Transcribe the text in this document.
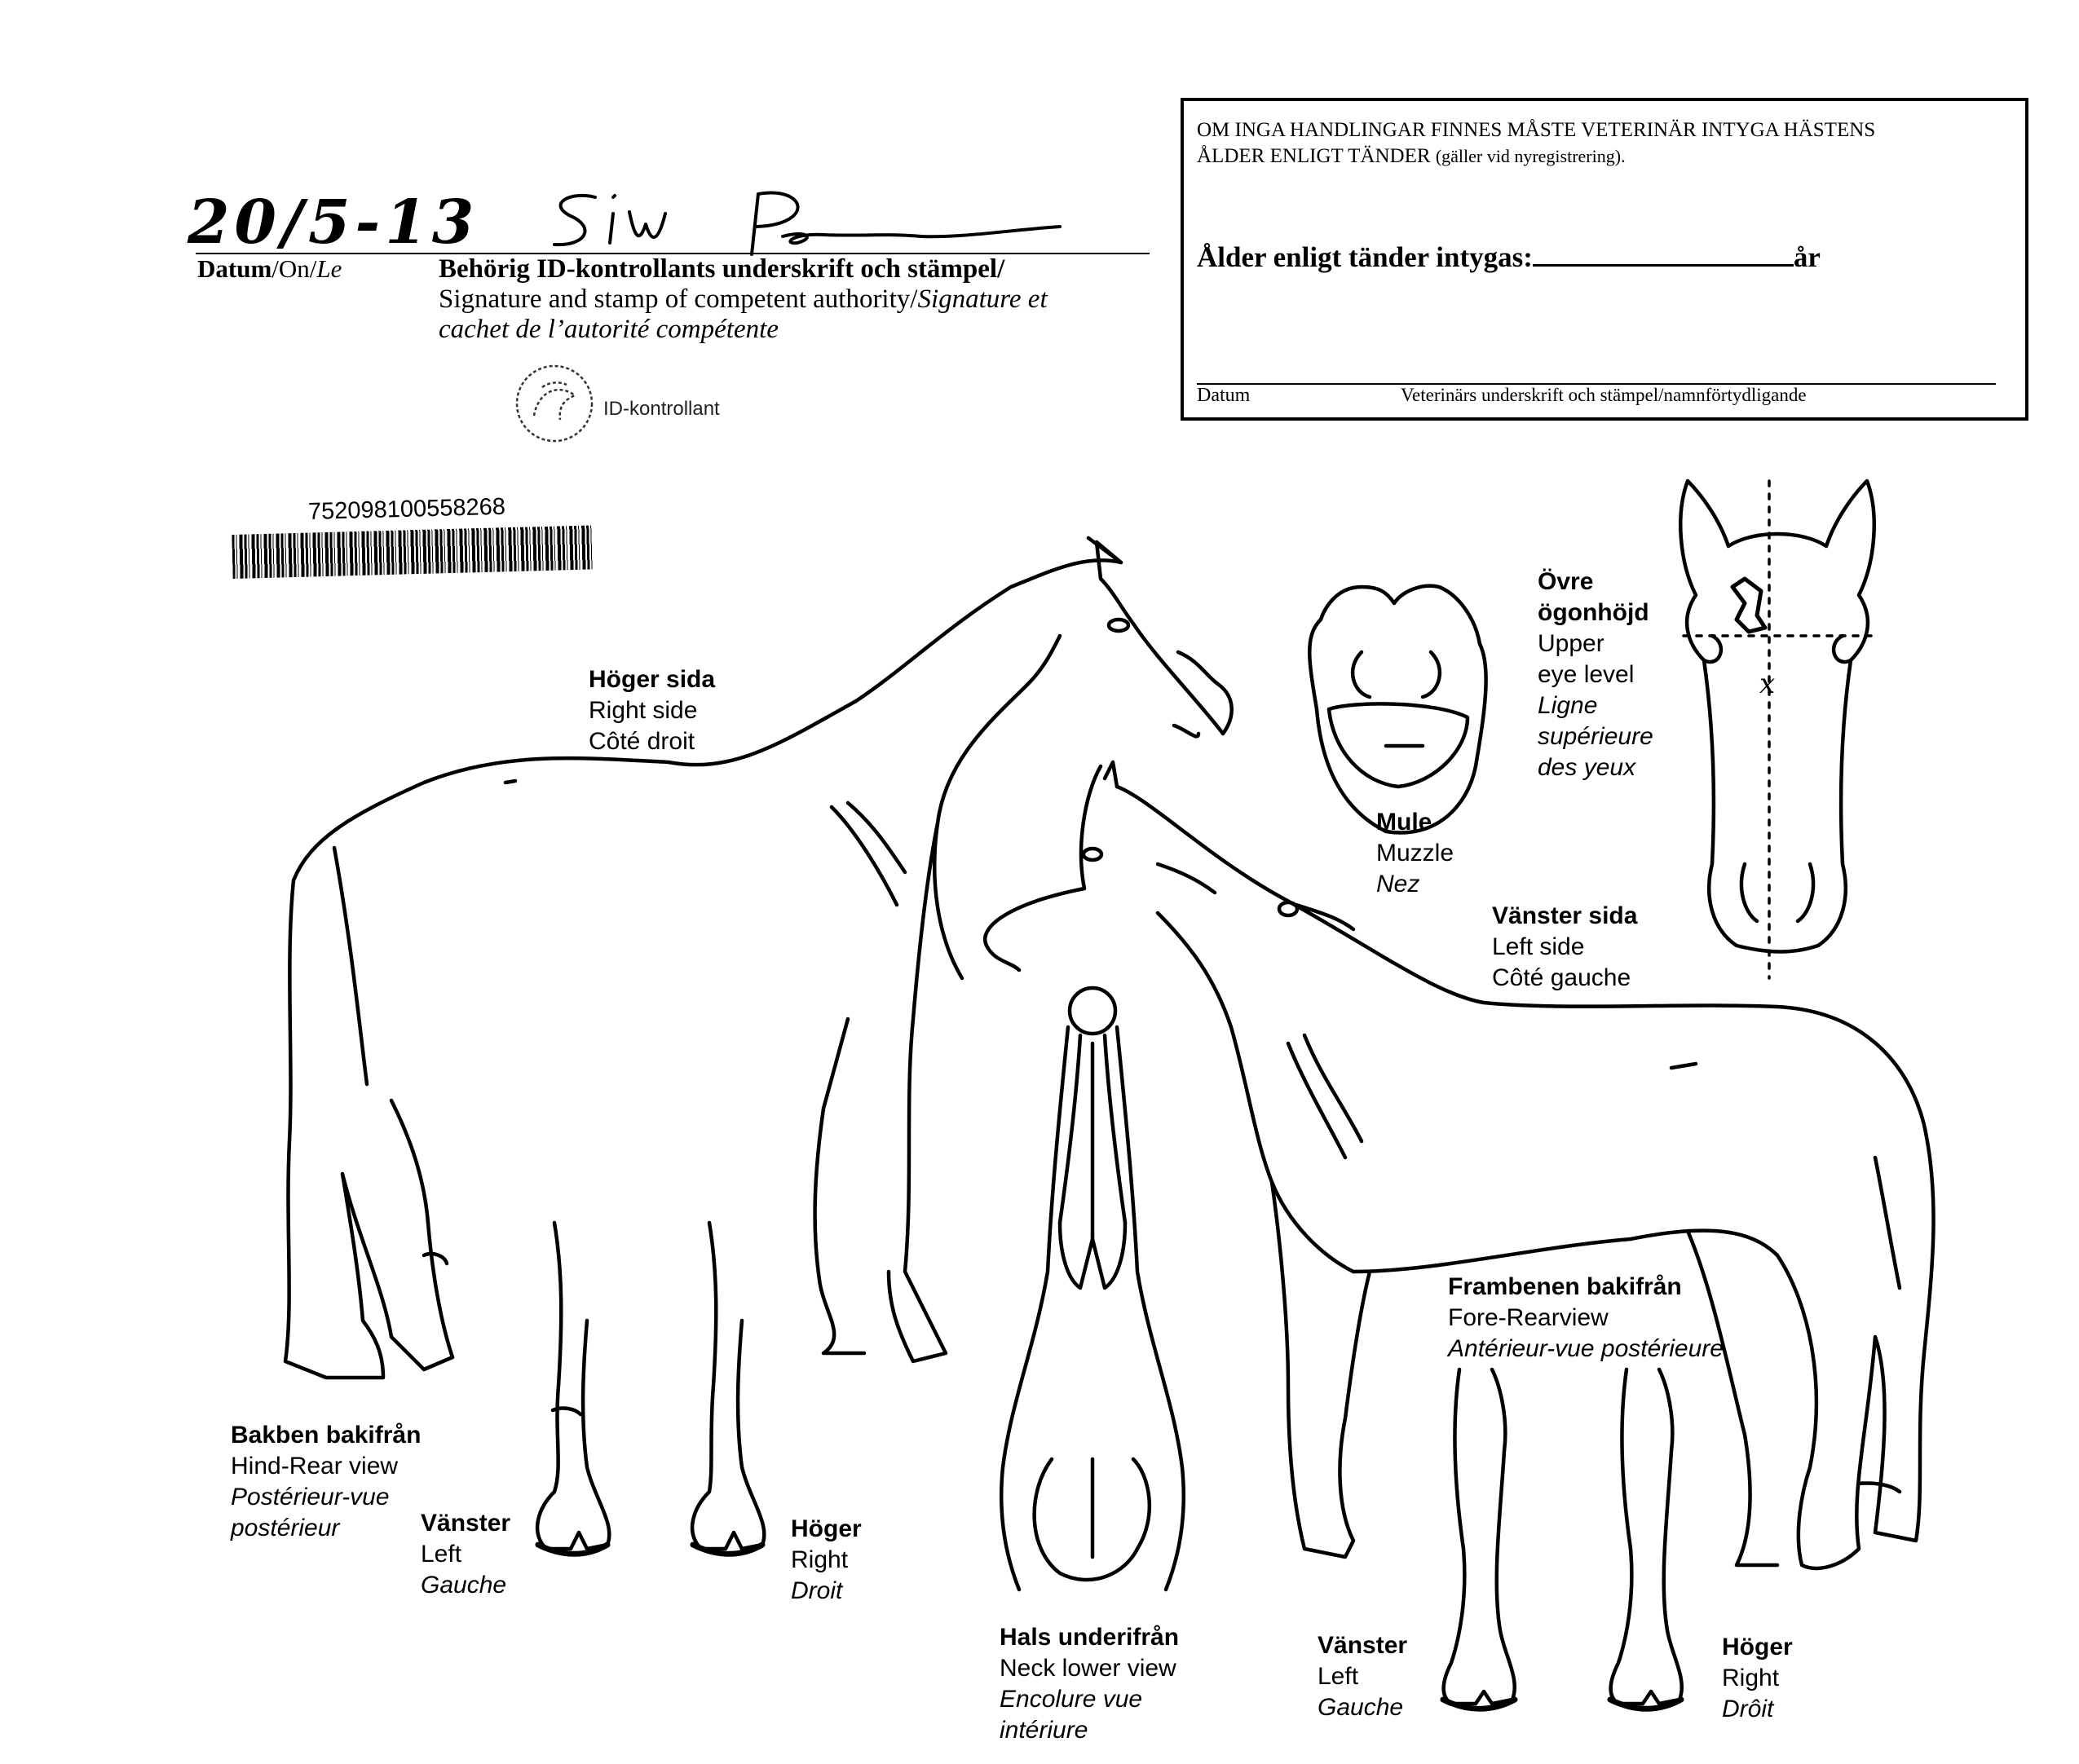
20/5-13
Datum/On/Le	Behörig ID-kontrollants underskrift och stämpel/
Signature and stamp of competent authority/Signature et
cachet de l’autorité compétente
ID-kontrollant
OM INGA HANDLINGAR FINNES MÅSTE VETERINÄR INTYGA HÄSTENS
ÅLDER ENLIGT TÄNDER (gäller vid nyregistrering).
Ålder enligt tänder intygas:	år
Datum	Veterinärs underskrift och stämpel/namnförtydligande
752098100558268
x
Höger sida
Right side
Côté droit
Mule
Muzzle
Nez
Övre
ögonhöjd
Upper
eye level
Ligne
supérieure
des yeux
Vänster sida
Left side
Côté gauche
Frambenen bakifrån
Fore-Rearview
Antérieur-vue postérieure
Bakben bakifrån
Hind-Rear view
Postérieur-vue
postérieur	Vänster
Left
Gauche
Höger
Right
Droit
Hals underifrån
Neck lower view
Encolure vue
intériure
Vänster
Left
Gauche
Höger
Right
Drôit
